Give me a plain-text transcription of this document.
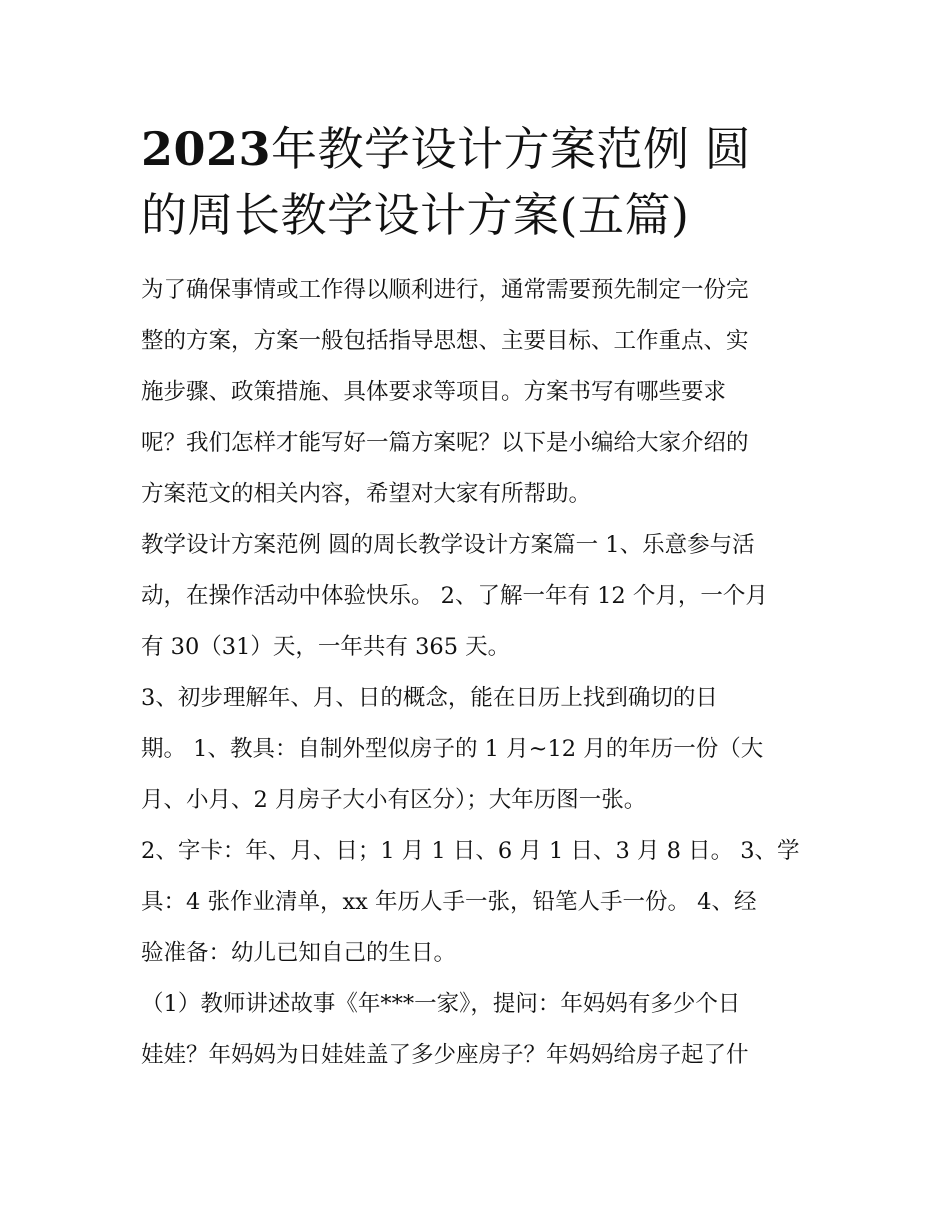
2023年教学设计方案范例 圆
的周长教学设计方案(五篇)

为了确保事情或工作得以顺利进行，通常需要预先制定一份完
整的方案，方案一般包括指导思想、主要目标、工作重点、实
施步骤、政策措施、具体要求等项目。方案书写有哪些要求
呢？我们怎样才能写好一篇方案呢？以下是小编给大家介绍的
方案范文的相关内容，希望对大家有所帮助。

教学设计方案范例 圆的周长教学设计方案篇一 1、乐意参与活
动，在操作活动中体验快乐。 2、了解一年有 12 个月，一个月
有 30（31）天，一年共有 365 天。

3、初步理解年、月、日的概念，能在日历上找到确切的日
期。 1、教具：自制外型似房子的 1 月~12 月的年历一份（大
月、小月、2 月房子大小有区分）；大年历图一张。

2、字卡：年、月、日；1 月 1 日、6 月 1 日、3 月 8 日。 3、学
具：4 张作业清单，xx 年历人手一张，铅笔人手一份。 4、经
验准备：幼儿已知自己的生日。

（1）教师讲述故事《年***一家》，提问：年妈妈有多少个日
娃娃？年妈妈为日娃娃盖了多少座房子？年妈妈给房子起了什
